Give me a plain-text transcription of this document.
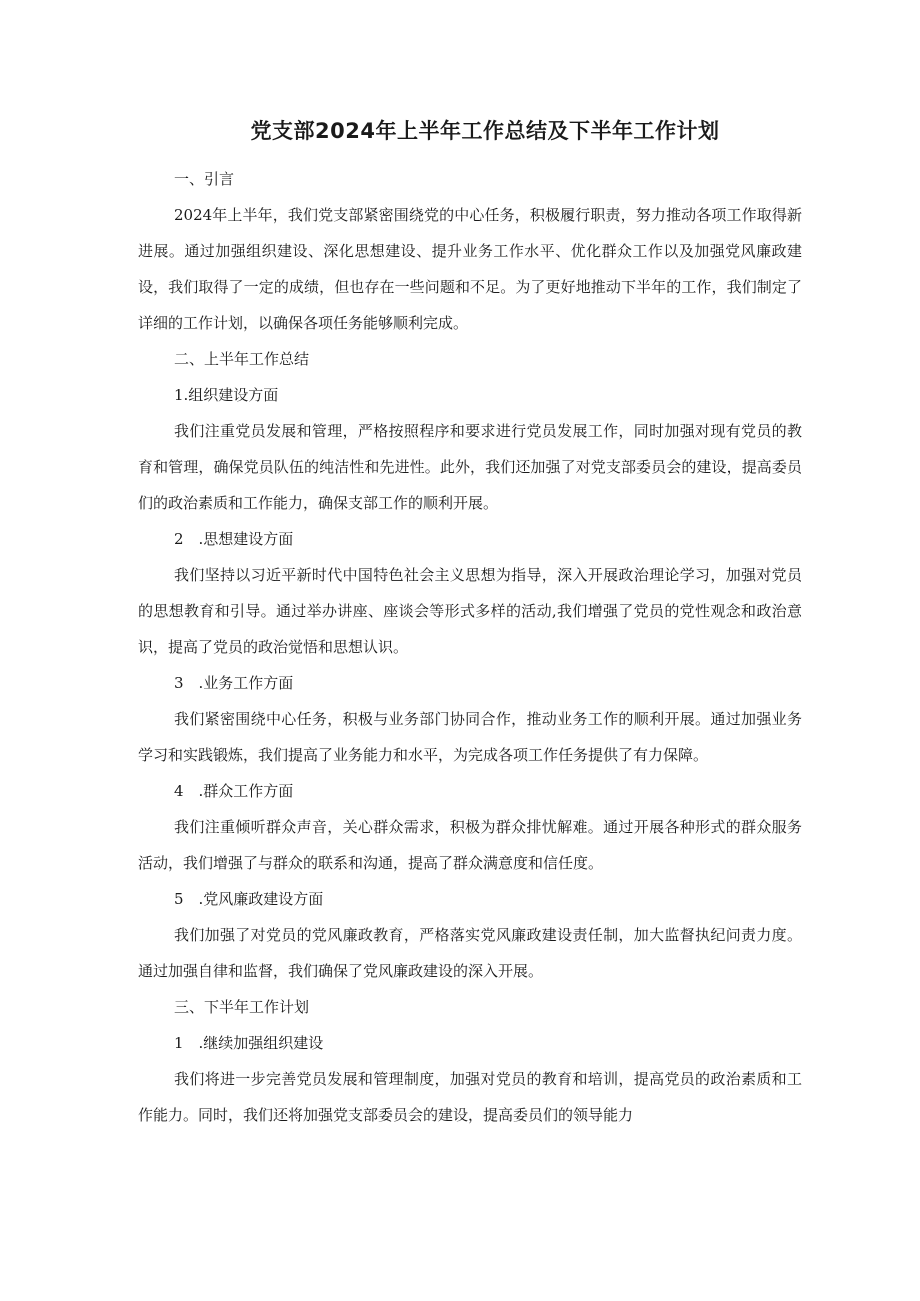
党支部2024年上半年工作总结及下半年工作计划

一、引言

2024年上半年，我们党支部紧密围绕党的中心任务，积极履行职责，努力推动各项工作取得新进展。通过加强组织建设、深化思想建设、提升业务工作水平、优化群众工作以及加强党风廉政建设，我们取得了一定的成绩，但也存在一些问题和不足。为了更好地推动下半年的工作，我们制定了详细的工作计划，以确保各项任务能够顺利完成。

二、上半年工作总结

1.组织建设方面

我们注重党员发展和管理，严格按照程序和要求进行党员发展工作，同时加强对现有党员的教育和管理，确保党员队伍的纯洁性和先进性。此外，我们还加强了对党支部委员会的建设，提高委员们的政治素质和工作能力，确保支部工作的顺利开展。

2　.思想建设方面

我们坚持以习近平新时代中国特色社会主义思想为指导，深入开展政治理论学习，加强对党员的思想教育和引导。通过举办讲座、座谈会等形式多样的活动,我们增强了党员的党性观念和政治意识，提高了党员的政治觉悟和思想认识。

3　.业务工作方面

我们紧密围绕中心任务，积极与业务部门协同合作，推动业务工作的顺利开展。通过加强业务学习和实践锻炼，我们提高了业务能力和水平，为完成各项工作任务提供了有力保障。

4　.群众工作方面

我们注重倾听群众声音，关心群众需求，积极为群众排忧解难。通过开展各种形式的群众服务活动，我们增强了与群众的联系和沟通，提高了群众满意度和信任度。

5　.党风廉政建设方面

我们加强了对党员的党风廉政教育，严格落实党风廉政建设责任制，加大监督执纪问责力度。通过加强自律和监督，我们确保了党风廉政建设的深入开展。

三、下半年工作计划

1　.继续加强组织建设

我们将进一步完善党员发展和管理制度，加强对党员的教育和培训，提高党员的政治素质和工作能力。同时，我们还将加强党支部委员会的建设，提高委员们的领导能力
